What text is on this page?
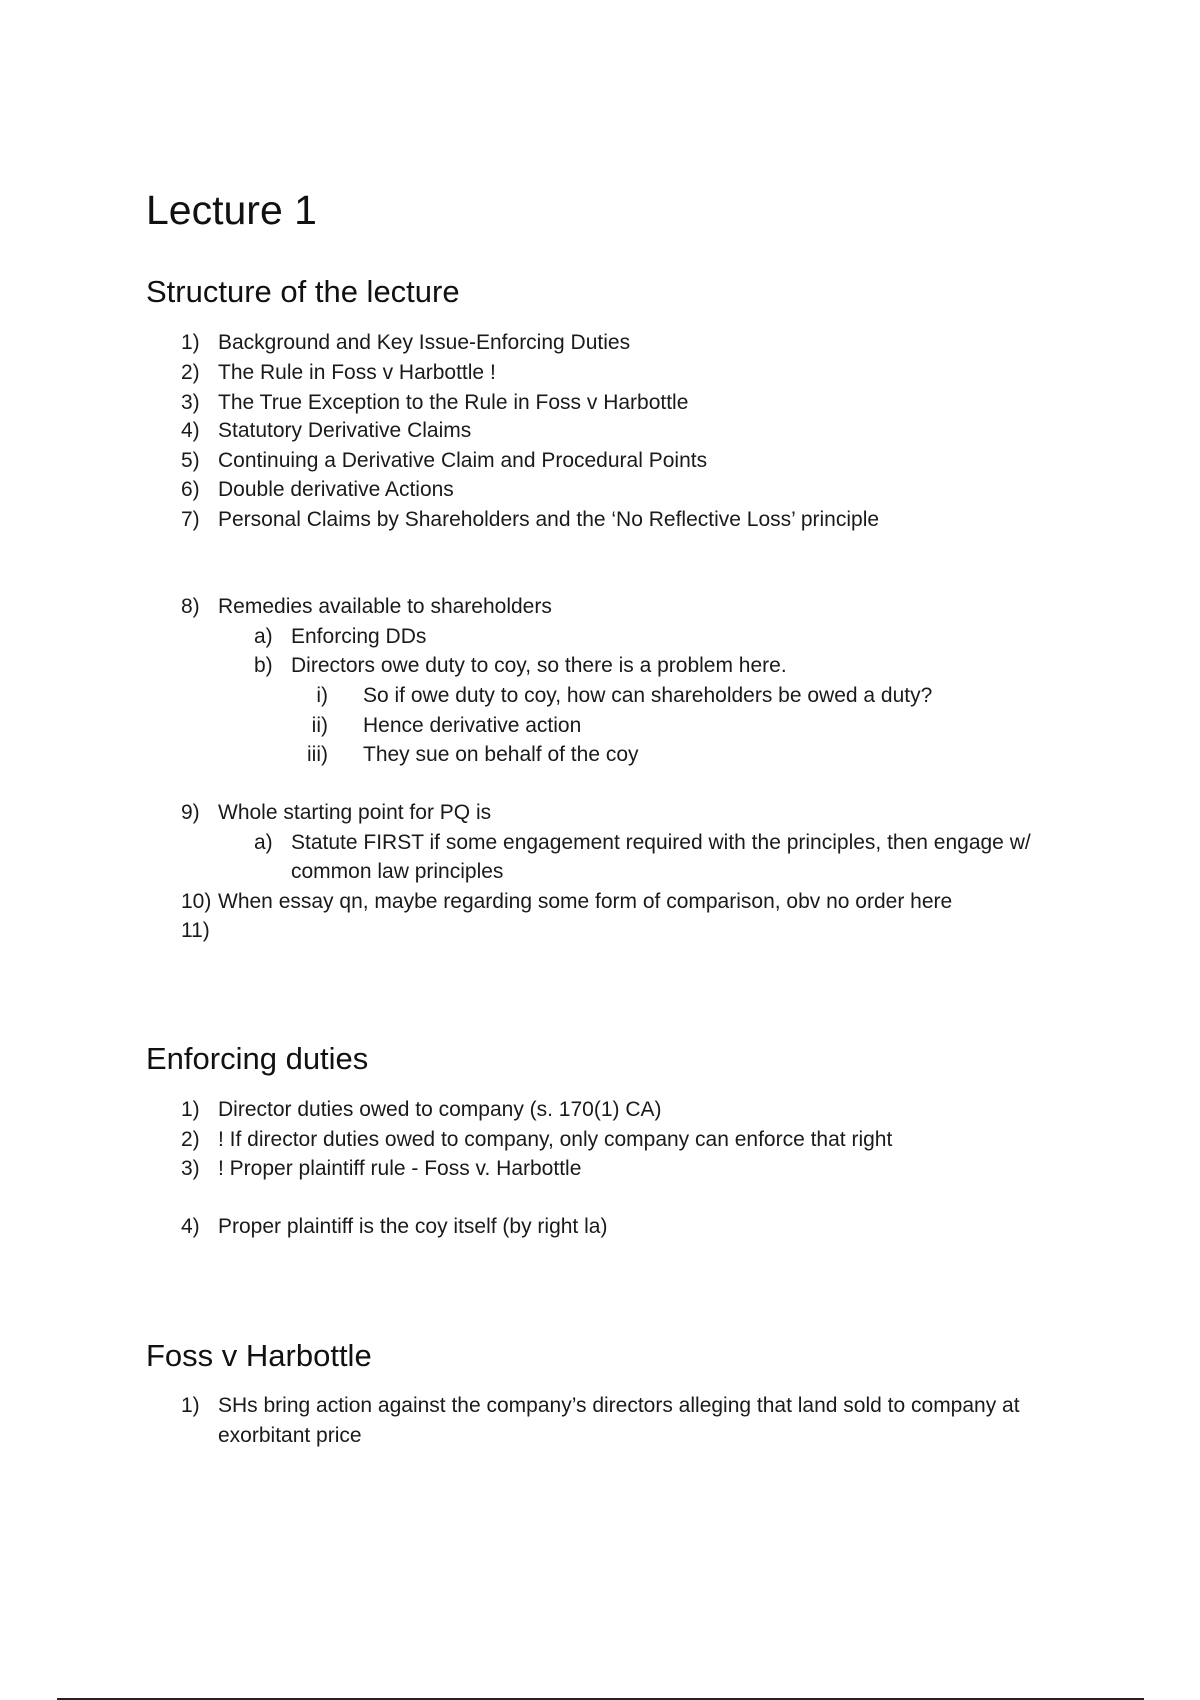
Lecture 1
Structure of the lecture
1) Background and Key Issue-Enforcing Duties
2) The Rule in Foss v Harbottle !
3) The True Exception to the Rule in Foss v Harbottle
4) Statutory Derivative Claims
5) Continuing a Derivative Claim and Procedural Points
6) Double derivative Actions
7) Personal Claims by Shareholders and the ‘No Reflective Loss’ principle
8) Remedies available to shareholders
a) Enforcing DDs
b) Directors owe duty to coy, so there is a problem here.
i) So if owe duty to coy, how can shareholders be owed a duty?
ii) Hence derivative action
iii) They sue on behalf of the coy
9) Whole starting point for PQ is
a) Statute FIRST if some engagement required with the principles, then engage w/
common law principles
10) When essay qn, maybe regarding some form of comparison, obv no order here
11)
Enforcing duties
1) Director duties owed to company (s. 170(1) CA)
2) ! If director duties owed to company, only company can enforce that right
3) ! Proper plaintiff rule - Foss v. Harbottle
4) Proper plaintiff is the coy itself (by right la)
Foss v Harbottle
1) SHs bring action against the company’s directors alleging that land sold to company at
exorbitant price
